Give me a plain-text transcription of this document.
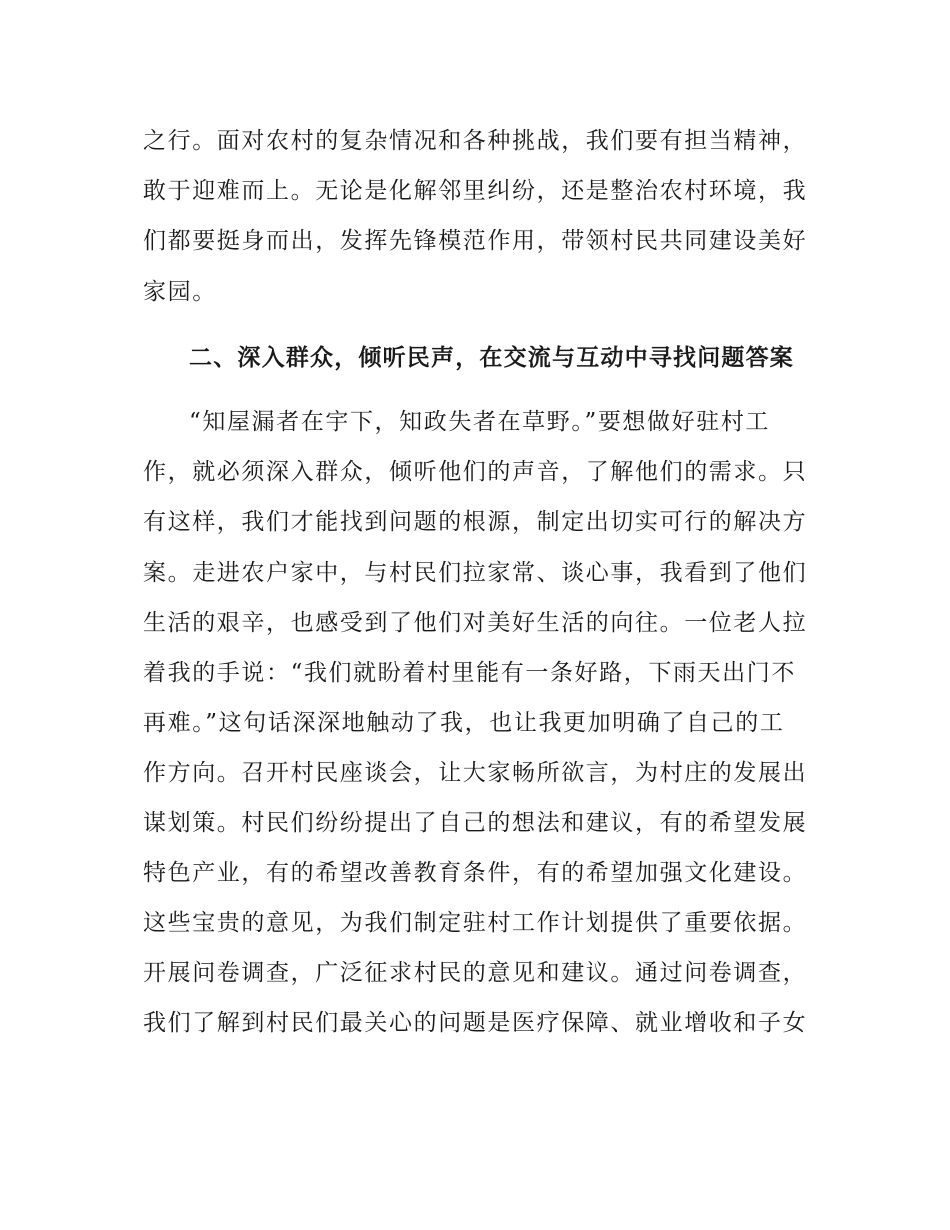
之行。面对农村的复杂情况和各种挑战，我们要有担当精神，
敢于迎难而上。无论是化解邻里纠纷，还是整治农村环境，我
们都要挺身而出，发挥先锋模范作用，带领村民共同建设美好
家园。
二、深入群众，倾听民声，在交流与互动中寻找问题答案
“知屋漏者在宇下，知政失者在草野。”要想做好驻村工
作，就必须深入群众，倾听他们的声音，了解他们的需求。只
有这样，我们才能找到问题的根源，制定出切实可行的解决方
案。走进农户家中，与村民们拉家常、谈心事，我看到了他们
生活的艰辛，也感受到了他们对美好生活的向往。一位老人拉
着我的手说：“我们就盼着村里能有一条好路，下雨天出门不
再难。”这句话深深地触动了我，也让我更加明确了自己的工
作方向。召开村民座谈会，让大家畅所欲言，为村庄的发展出
谋划策。村民们纷纷提出了自己的想法和建议，有的希望发展
特色产业，有的希望改善教育条件，有的希望加强文化建设。
这些宝贵的意见，为我们制定驻村工作计划提供了重要依据。
开展问卷调查，广泛征求村民的意见和建议。通过问卷调查，
我们了解到村民们最关心的问题是医疗保障、就业增收和子女
